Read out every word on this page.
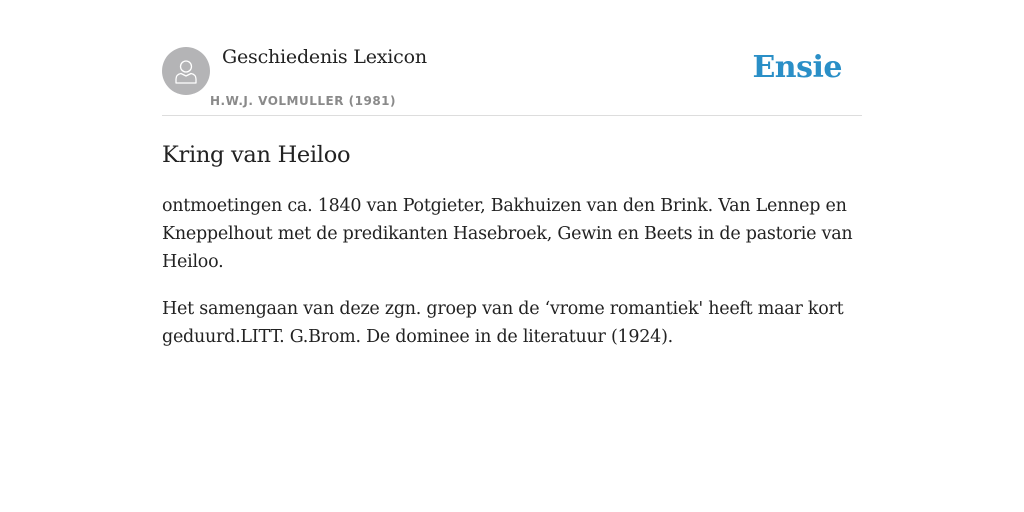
Geschiedenis Lexicon
H.W.J. VOLMULLER (1981)
Ensie
Kring van Heiloo

ontmoetingen ca. 1840 van Potgieter, Bakhuizen van den Brink. Van Lennep en Kneppelhout met de predikanten Hasebroek, Gewin en Beets in de pastorie van Heiloo.

Het samengaan van deze zgn. groep van de ‘vrome romantiek' heeft maar kort geduurd.LITT. G.Brom. De dominee in de literatuur (1924).
